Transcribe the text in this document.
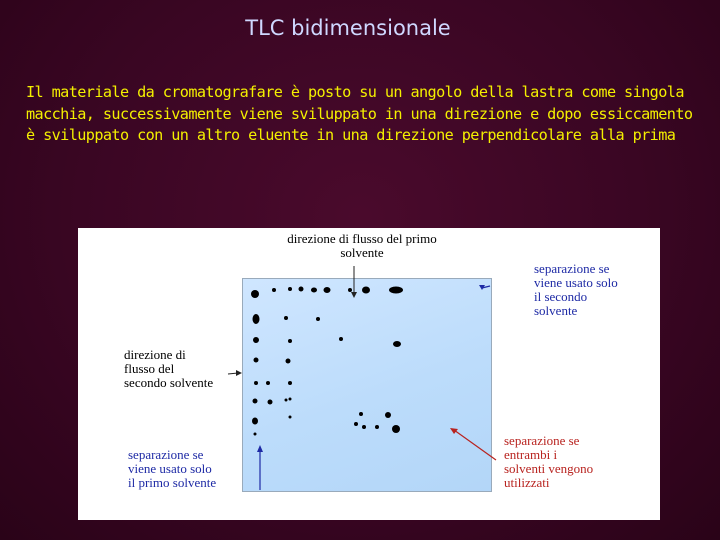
TLC bidimensionale
Il materiale da cromatografare è posto su un angolo della lastra come singola macchia, successivamente viene sviluppato in una direzione e dopo essiccamento è sviluppato con un altro eluente in una direzione perpendicolare alla prima
direzione di flusso del primo
solvente
direzione di
flusso del
secondo solvente
separazione se
viene usato solo
il secondo
solvente
separazione se
viene usato solo
il primo solvente
separazione se
entrambi i
solventi vengono
utilizzati
